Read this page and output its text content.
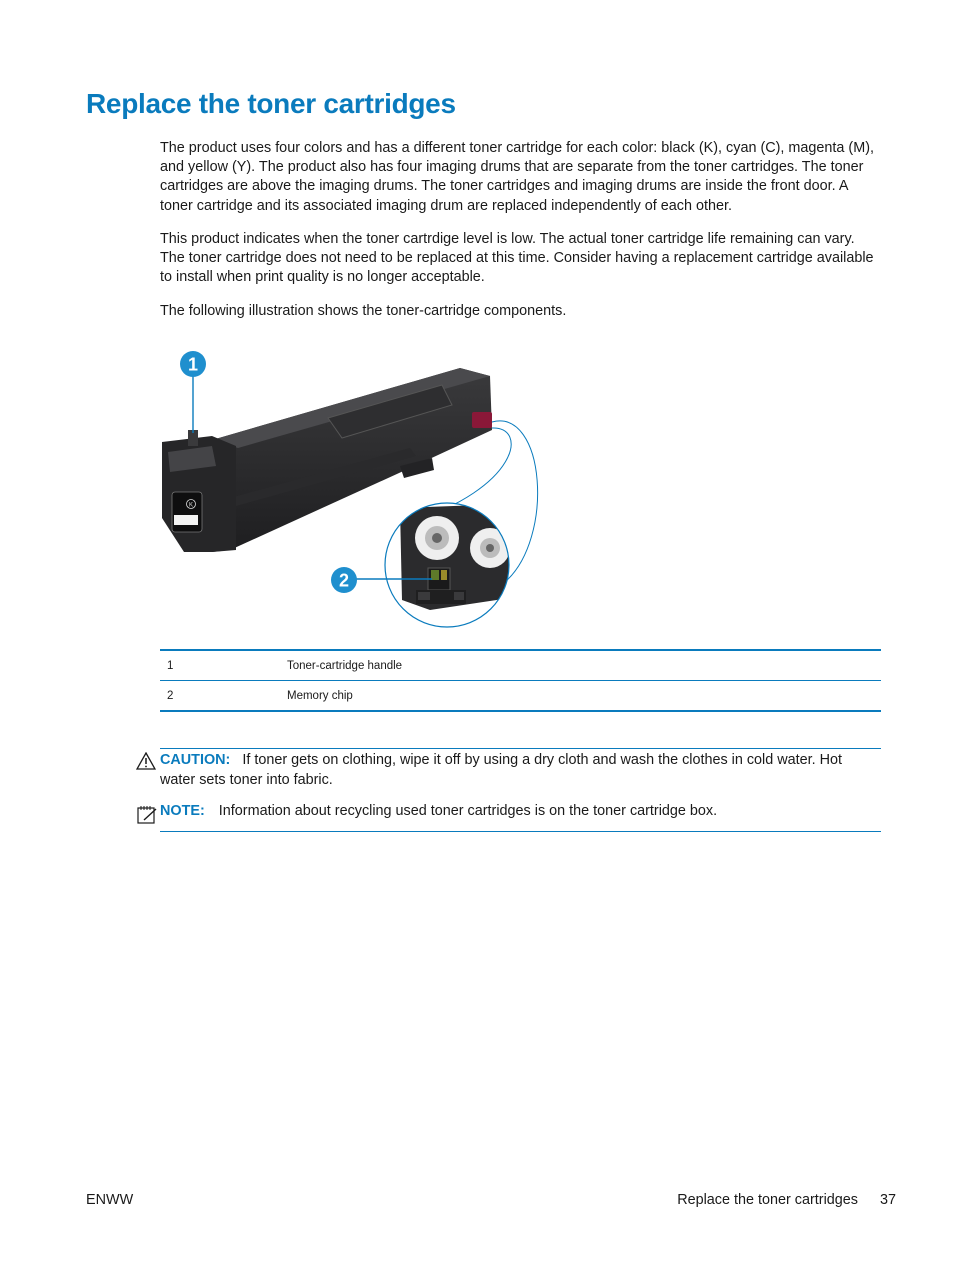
Replace the toner cartridges

The product uses four colors and has a different toner cartridge for each color: black (K), cyan (C), magenta (M), and yellow (Y). The product also has four imaging drums that are separate from the toner cartridges. The toner cartridges are above the imaging drums. The toner cartridges and imaging drums are inside the front door. A toner cartridge and its associated imaging drum are replaced independently of each other.

This product indicates when the toner cartrdige level is low. The actual toner cartridge life remaining can vary. The toner cartridge does not need to be replaced at this time. Consider having a replacement cartridge available to install when print quality is no longer acceptable.

The following illustration shows the toner-cartridge components.

K
1
2
1	Toner-cartridge handle
2	Memory chip
CAUTION: If toner gets on clothing, wipe it off by using a dry cloth and wash the clothes in cold water. Hot water sets toner into fabric.
NOTE: Information about recycling used toner cartridges is on the toner cartridge box.
ENWW	Replace the toner cartridges 37
